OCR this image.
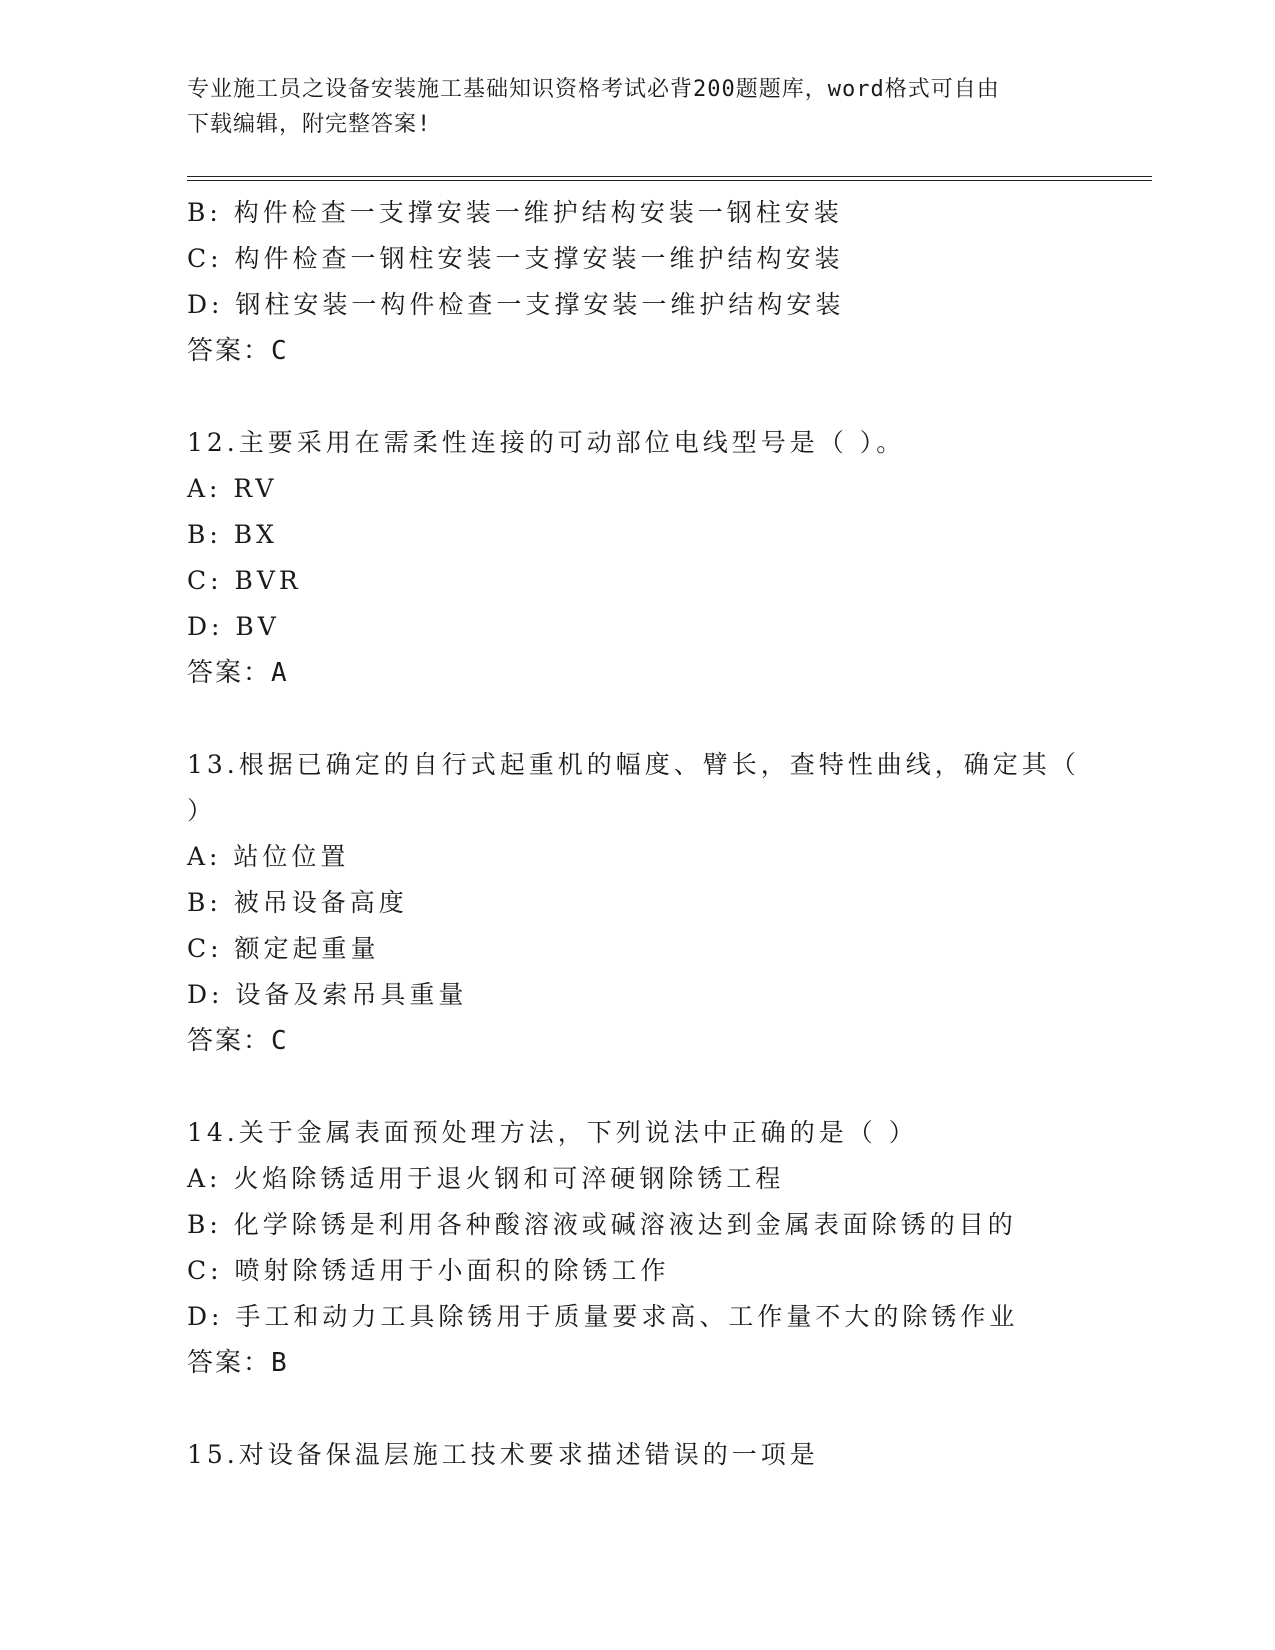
专业施工员之设备安装施工基础知识资格考试必背200题题库，word格式可自由
下载编辑，附完整答案!
B: 构件检查一支撑安装一维护结构安装一钢柱安装
C: 构件检查一钢柱安装一支撑安装一维护结构安装
D: 钢柱安装一构件检查一支撑安装一维护结构安装
答案：C
12.主要采用在需柔性连接的可动部位电线型号是（ ）。
A: RV
B: BX
C: BVR
D: BV
答案：A
13.根据已确定的自行式起重机的幅度、臂长，查特性曲线，确定其（
）
A: 站位位置
B: 被吊设备高度
C: 额定起重量
D: 设备及索吊具重量
答案：C
14.关于金属表面预处理方法，下列说法中正确的是（ ）
A: 火焰除锈适用于退火钢和可淬硬钢除锈工程
B: 化学除锈是利用各种酸溶液或碱溶液达到金属表面除锈的目的
C: 喷射除锈适用于小面积的除锈工作
D: 手工和动力工具除锈用于质量要求高、工作量不大的除锈作业
答案：B
15.对设备保温层施工技术要求描述错误的一项是
